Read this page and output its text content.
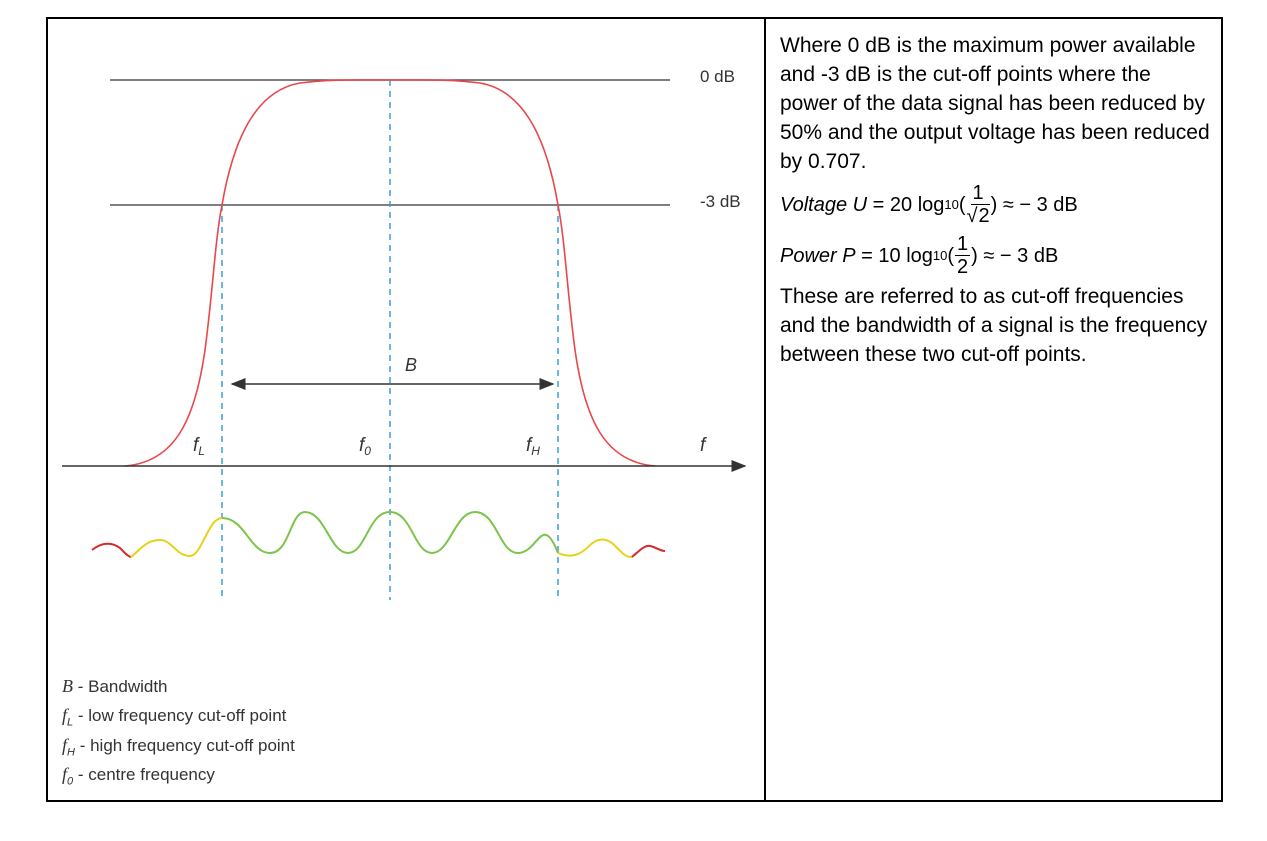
0 dB
-3 dB
B
$f_L$	$f_0$	$f_H$	f
B - Bandwidth
$f_L$ - low frequency cut-off point
$f_H$ - high frequency cut-off point
$f_0$ - centre frequency

Where 0 dB is the maximum power available and -3 dB is the cut-off points where the power of the data signal has been reduced by 50% and the output voltage has been reduced by 0.707.

Voltage U
= 20 log 10 ( $\frac{1}{√2}$ ) ≈ − 3 dB
Power P
= 10 log 10 ( $\frac{1}{2}$ ) ≈ − 3 dB

These are referred to as cut-off frequencies and the bandwidth of a signal is the frequency between these two cut-off points.
